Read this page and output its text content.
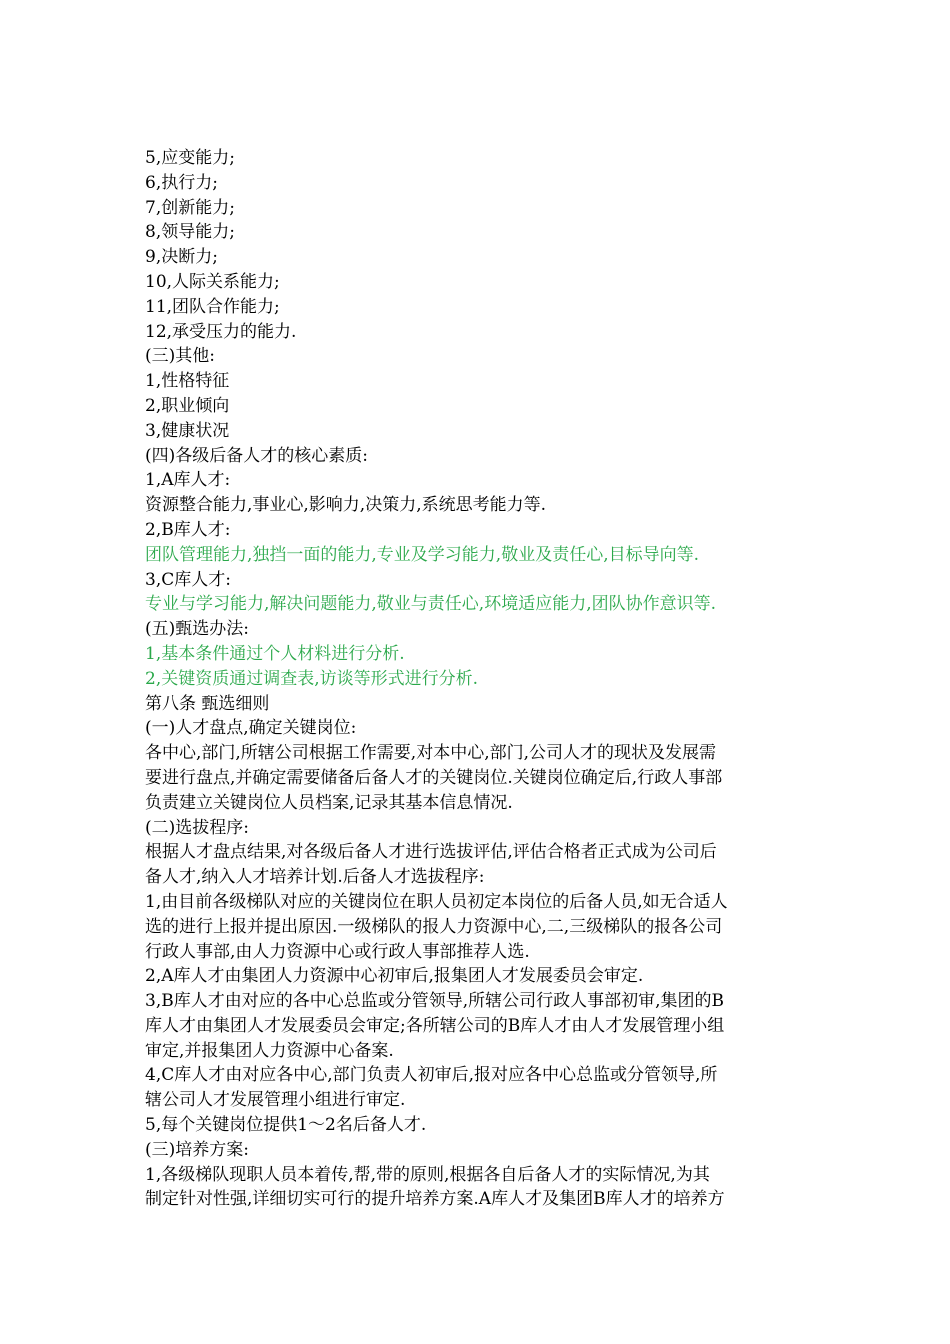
5,应变能力;
6,执行力;
7,创新能力;
8,领导能力;
9,决断力;
10,人际关系能力;
11,团队合作能力;
12,承受压力的能力.
(三)其他:
1,性格特征
2,职业倾向
3,健康状况
(四)各级后备人才的核心素质:
1,A库人才:
资源整合能力,事业心,影响力,决策力,系统思考能力等.
2,B库人才:
团队管理能力,独挡一面的能力,专业及学习能力,敬业及责任心,目标导向等.
3,C库人才:
专业与学习能力,解决问题能力,敬业与责任心,环境适应能力,团队协作意识等.
(五)甄选办法:
1,基本条件通过个人材料进行分析.
2,关键资质通过调查表,访谈等形式进行分析.
第八条 甄选细则
(一)人才盘点,确定关键岗位:
各中心,部门,所辖公司根据工作需要,对本中心,部门,公司人才的现状及发展需
要进行盘点,并确定需要储备后备人才的关键岗位.关键岗位确定后,行政人事部
负责建立关键岗位人员档案,记录其基本信息情况.
(二)选拔程序:
根据人才盘点结果,对各级后备人才进行选拔评估,评估合格者正式成为公司后
备人才,纳入人才培养计划.后备人才选拔程序:
1,由目前各级梯队对应的关键岗位在职人员初定本岗位的后备人员,如无合适人
选的进行上报并提出原因.一级梯队的报人力资源中心,二,三级梯队的报各公司
行政人事部,由人力资源中心或行政人事部推荐人选.
2,A库人才由集团人力资源中心初审后,报集团人才发展委员会审定.
3,B库人才由对应的各中心总监或分管领导,所辖公司行政人事部初审,集团的B
库人才由集团人才发展委员会审定;各所辖公司的B库人才由人才发展管理小组
审定,并报集团人力资源中心备案.
4,C库人才由对应各中心,部门负责人初审后,报对应各中心总监或分管领导,所
辖公司人才发展管理小组进行审定.
5,每个关键岗位提供1～2名后备人才.
(三)培养方案:
1,各级梯队现职人员本着传,帮,带的原则,根据各自后备人才的实际情况,为其
制定针对性强,详细切实可行的提升培养方案.A库人才及集团B库人才的培养方
